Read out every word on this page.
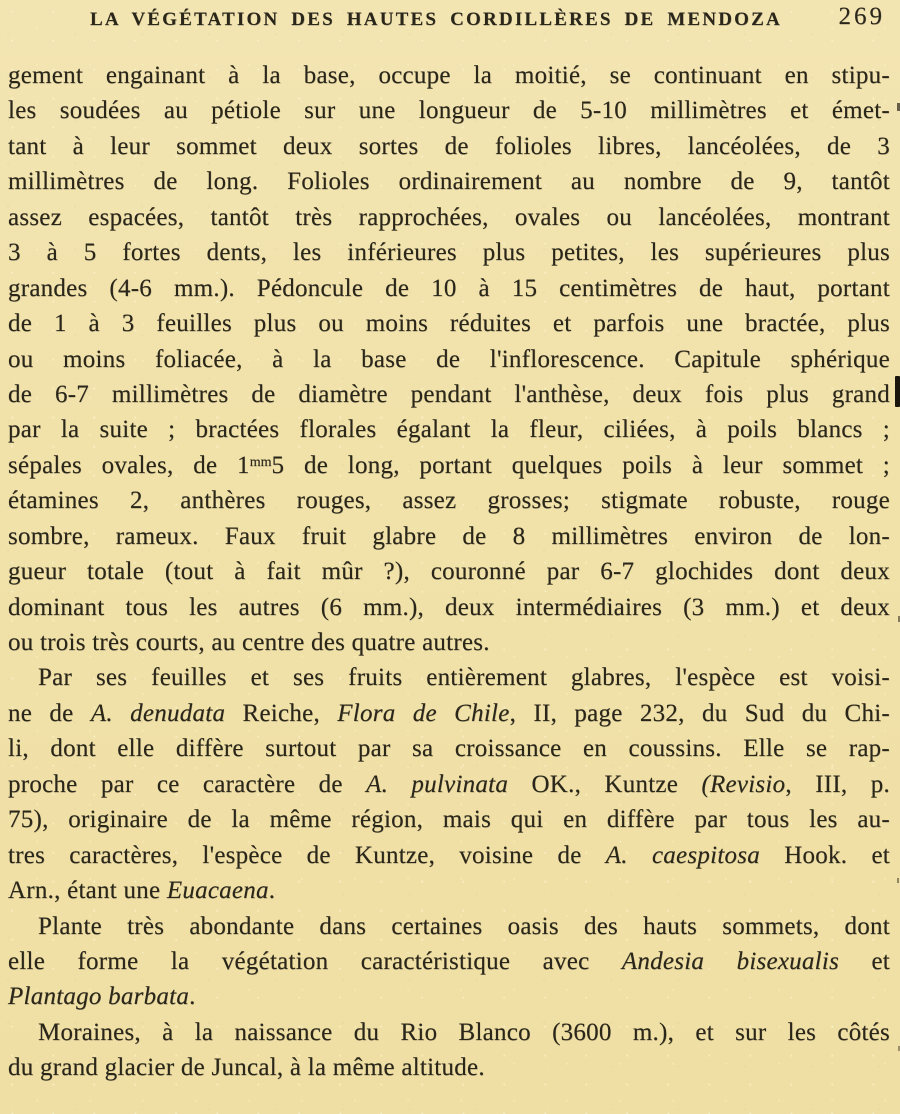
LA VÉGÉTATION DES HAUTES CORDILLÈRES DE MENDOZA 269
gement engainant à la base, occupe la moitié, se continuant en stipu-
les soudées au pétiole sur une longueur de 5-10 millimètres et émet-
tant à leur sommet deux sortes de folioles libres, lancéolées, de 3
millimètres de long. Folioles ordinairement au nombre de 9, tantôt
assez espacées, tantôt très rapprochées, ovales ou lancéolées, montrant
3 à 5 fortes dents, les inférieures plus petites, les supérieures plus
grandes (4-6 mm.). Pédoncule de 10 à 15 centimètres de haut, portant
de 1 à 3 feuilles plus ou moins réduites et parfois une bractée, plus
ou moins foliacée, à la base de l'inflorescence. Capitule sphérique
de 6-7 millimètres de diamètre pendant l'anthèse, deux fois plus grand
par la suite ; bractées florales égalant la fleur, ciliées, à poils blancs ;
sépales ovales, de $1^{mm}5$ de long, portant quelques poils à leur sommet ;
étamines 2, anthères rouges, assez grosses; stigmate robuste, rouge
sombre, rameux. Faux fruit glabre de 8 millimètres environ de lon-
gueur totale (tout à fait mûr ?), couronné par 6-7 glochides dont deux
dominant tous les autres (6 mm.), deux intermédiaires (3 mm.) et deux
ou trois très courts, au centre des quatre autres.
Par ses feuilles et ses fruits entièrement glabres, l'espèce est voisi-
ne de A. denudata Reiche, Flora de Chile, II, page 232, du Sud du Chi-
li, dont elle diffère surtout par sa croissance en coussins. Elle se rap-
proche par ce caractère de A. pulvinata OK., Kuntze (Revisio, III, p.
75), originaire de la même région, mais qui en diffère par tous les au-
tres caractères, l'espèce de Kuntze, voisine de A. caespitosa Hook. et
Arn., étant une Euacaena.
Plante très abondante dans certaines oasis des hauts sommets, dont
elle forme la végétation caractéristique avec Andesia bisexualis et
Plantago barbata.
Moraines, à la naissance du Rio Blanco (3600 m.), et sur les côtés
du grand glacier de Juncal, à la même altitude.
